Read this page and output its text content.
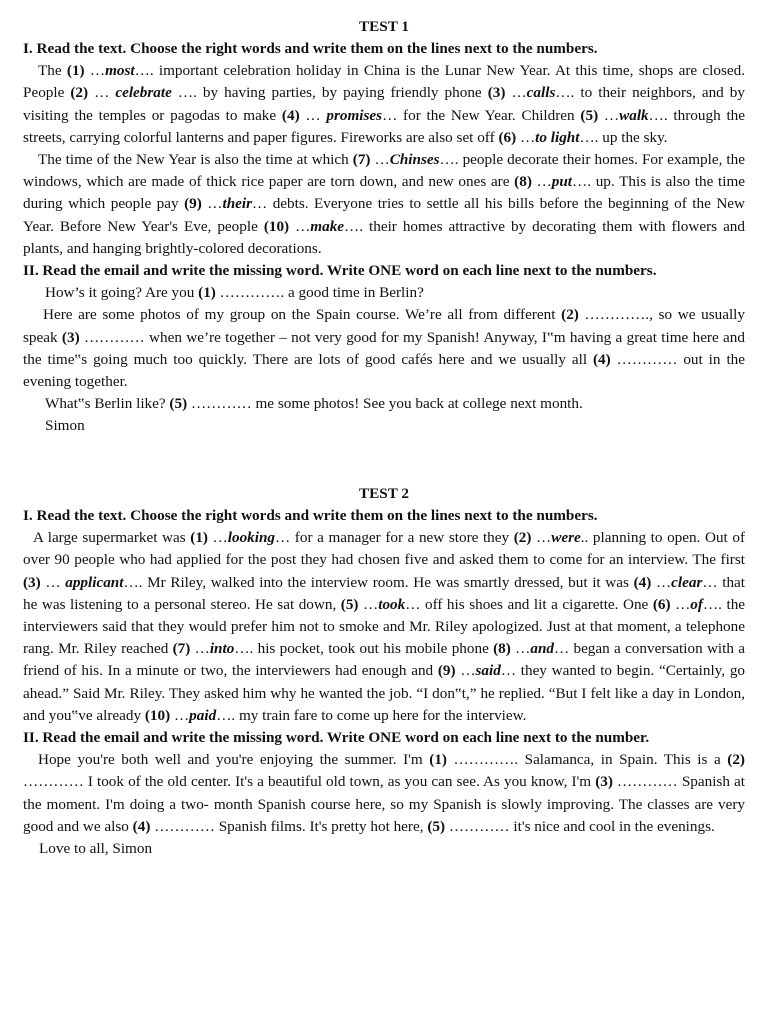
TEST 1
I. Read the text. Choose the right words and write them on the lines next to the numbers.

The (1) …most…. important celebration holiday in China is the Lunar New Year. At this time, shops are closed. People (2) … celebrate …. by having parties, by paying friendly phone (3) …calls…. to their neighbors, and by visiting the temples or pagodas to make (4) … promises… for the New Year. Children (5) …walk…. through the streets, carrying colorful lanterns and paper figures. Fireworks are also set off (6) …to light…. up the sky.

The time of the New Year is also the time at which (7) …Chinses…. people decorate their homes. For example, the windows, which are made of thick rice paper are torn down, and new ones are (8) …put…. up. This is also the time during which people pay (9) …their… debts. Everyone tries to settle all his bills before the beginning of the New Year. Before New Year's Eve, people (10) …make…. their homes attractive by decorating them with flowers and plants, and hanging brightly-colored decorations.

II. Read the email and write the missing word. Write ONE word on each line next to the numbers.

How’s it going? Are you (1) …………. a good time in Berlin?

Here are some photos of my group on the Spain course. We’re all from different (2) …………., so we usually speak (3) ………… when we’re together – not very good for my Spanish! Anyway, I‟m having a great time here and the time‟s going much too quickly. There are lots of good cafés here and we usually all (4) ………… out in the evening together.

What‟s Berlin like? (5) ………… me some photos! See you back at college next month.

Simon

TEST 2
I. Read the text. Choose the right words and write them on the lines next to the numbers.

A large supermarket was (1) …looking… for a manager for a new store they (2) …were.. planning to open. Out of over 90 people who had applied for the post they had chosen five and asked them to come for an interview. The first (3) … applicant…. Mr Riley, walked into the interview room. He was smartly dressed, but it was (4) …clear… that he was listening to a personal stereo. He sat down, (5) …took… off his shoes and lit a cigarette. One (6) …of…. the interviewers said that they would prefer him not to smoke and Mr. Riley apologized. Just at that moment, a telephone rang. Mr. Riley reached (7) …into…. his pocket, took out his mobile phone (8) …and… began a conversation with a friend of his. In a minute or two, the interviewers had enough and (9) …said… they wanted to begin. “Certainly, go ahead.” Said Mr. Riley. They asked him why he wanted the job. “I don‟t,” he replied. “But I felt like a day in London, and you‟ve already (10) …paid…. my train fare to come up here for the interview.

II. Read the email and write the missing word. Write ONE word on each line next to the number.

Hope you're both well and you're enjoying the summer. I'm (1) …………. Salamanca, in Spain. This is a (2) ………… I took of the old center. It's a beautiful old town, as you can see. As you know, I'm (3) ………… Spanish at the moment. I'm doing a two- month Spanish course here, so my Spanish is slowly improving. The classes are very good and we also (4) ………… Spanish films. It's pretty hot here, (5) ………… it's nice and cool in the evenings.

Love to all, Simon
